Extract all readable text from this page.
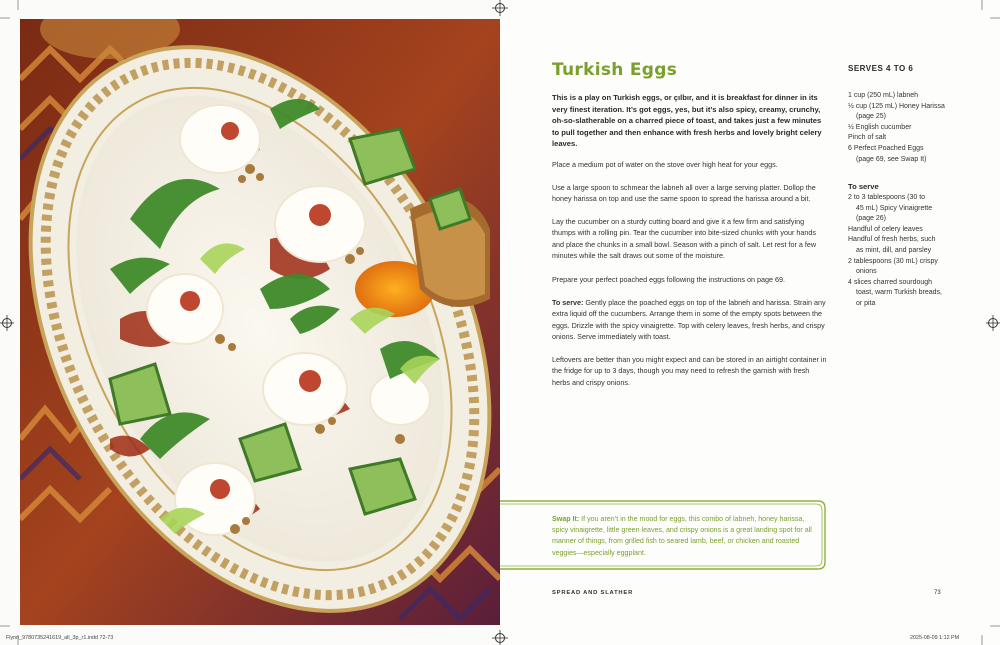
Turkish Eggs
This is a play on Turkish eggs, or çılbır, and it is breakfast for dinner in its very finest iteration. It’s got eggs, yes, but it’s also spicy, creamy, crunchy, oh-so-slatherable on a charred piece of toast, and takes just a few minutes to pull together and then enhance with fresh herbs and lovely bright celery leaves.
Place a medium pot of water on the stove over high heat for your eggs.
Use a large spoon to schmear the labneh all over a large serving platter. Dollop the honey harissa on top and use the same spoon to spread the harissa around a bit.
Lay the cucumber on a sturdy cutting board and give it a few firm and satisfying thumps with a rolling pin. Tear the cucumber into bite-sized chunks with your hands and place the chunks in a small bowl. Season with a pinch of salt. Let rest for a few minutes while the salt draws out some of the moisture.
Prepare your perfect poached eggs following the instructions on page 69.
To serve: Gently place the poached eggs on top of the labneh and harissa. Strain any extra liquid off the cucumbers. Arrange them in some of the empty spots between the eggs. Drizzle with the spicy vinaigrette. Top with celery leaves, fresh herbs, and crispy onions. Serve immediately with toast.
Leftovers are better than you might expect and can be stored in an airtight container in the fridge for up to 3 days, though you may need to refresh the garnish with fresh herbs and crispy onions.
SERVES 4 TO 6
1 cup (250 mL) labneh
½ cup (125 mL) Honey Harissa
(page 25)
½ English cucumber
Pinch of salt
6 Perfect Poached Eggs
(page 69, see Swap It)
To serve
2 to 3 tablespoons (30 to
45 mL) Spicy Vinaigrette
(page 26)
Handful of celery leaves
Handful of fresh herbs, such
as mint, dill, and parsley
2 tablespoons (30 mL) crispy
onions
4 slices charred sourdough
toast, warm Turkish breads,
or pita
Swap It: If you aren’t in the mood for eggs, this combo of labneh, honey harissa, spicy vinaigrette, little green leaves, and crispy onions is a great landing spot for all manner of things, from grilled fish to seared lamb, beef, or chicken and roasted veggies—especially eggplant.
SPREAD AND SLATHER	73
Flynn_9780735241619_all_3p_r1.indd 72-73	2025-08-09 1:12 PM
